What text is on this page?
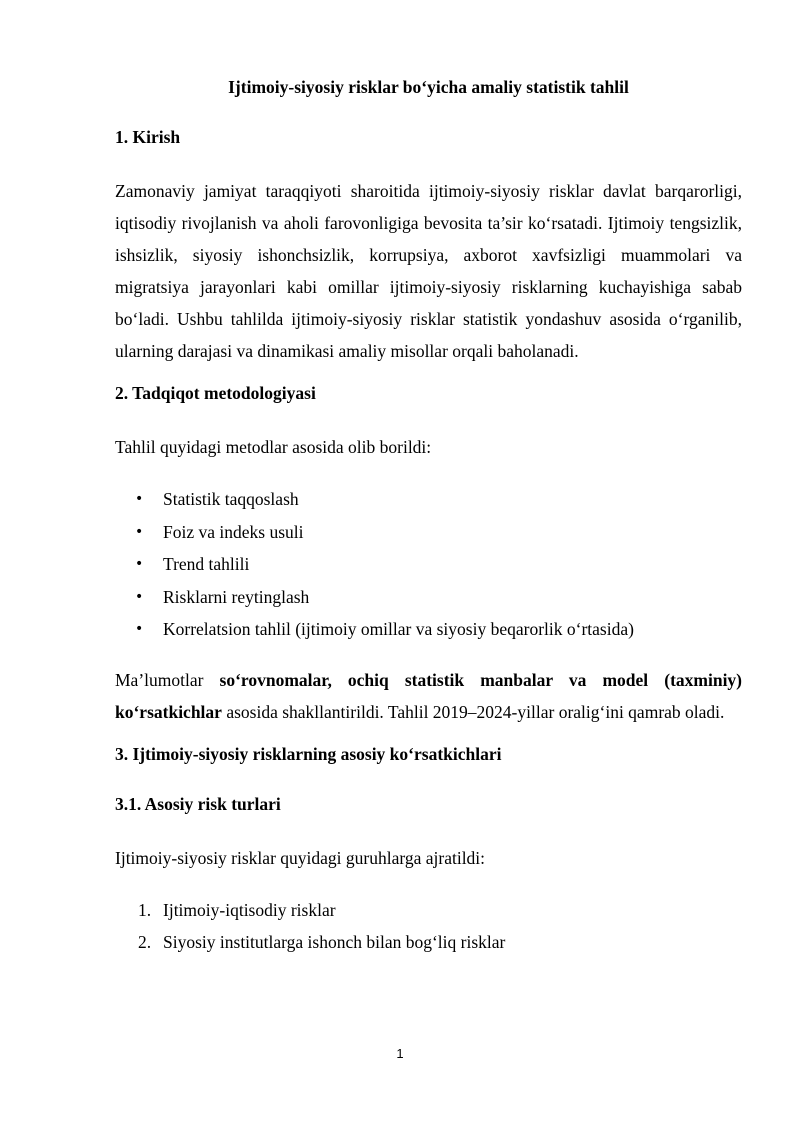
Ijtimoiy-siyosiy risklar bo‘yicha amaliy statistik tahlil
1. Kirish

Zamonaviy jamiyat taraqqiyoti sharoitida ijtimoiy-siyosiy risklar davlat barqarorligi, iqtisodiy rivojlanish va aholi farovonligiga bevosita ta’sir ko‘rsatadi. Ijtimoiy tengsizlik, ishsizlik, siyosiy ishonchsizlik, korrupsiya, axborot xavfsizligi muammolari va migratsiya jarayonlari kabi omillar ijtimoiy-siyosiy risklarning kuchayishiga sabab bo‘ladi. Ushbu tahlilda ijtimoiy-siyosiy risklar statistik yondashuv asosida o‘rganilib, ularning darajasi va dinamikasi amaliy misollar orqali baholanadi.

2. Tadqiqot metodologiyasi

Tahlil quyidagi metodlar asosida olib borildi:

• Statistik taqqoslash
• Foiz va indeks usuli
• Trend tahlili
• Risklarni reytinglash
• Korrelatsion tahlil (ijtimoiy omillar va siyosiy beqarorlik o‘rtasida)

Ma’lumotlar so‘rovnomalar, ochiq statistik manbalar va model (taxminiy) ko‘rsatkichlar asosida shakllantirildi. Tahlil 2019–2024-yillar oralig‘ini qamrab oladi.

3. Ijtimoiy-siyosiy risklarning asosiy ko‘rsatkichlari
3.1. Asosiy risk turlari

Ijtimoiy-siyosiy risklar quyidagi guruhlarga ajratildi:

1. Ijtimoiy-iqtisodiy risklar
2. Siyosiy institutlarga ishonch bilan bog‘liq risklar
1
